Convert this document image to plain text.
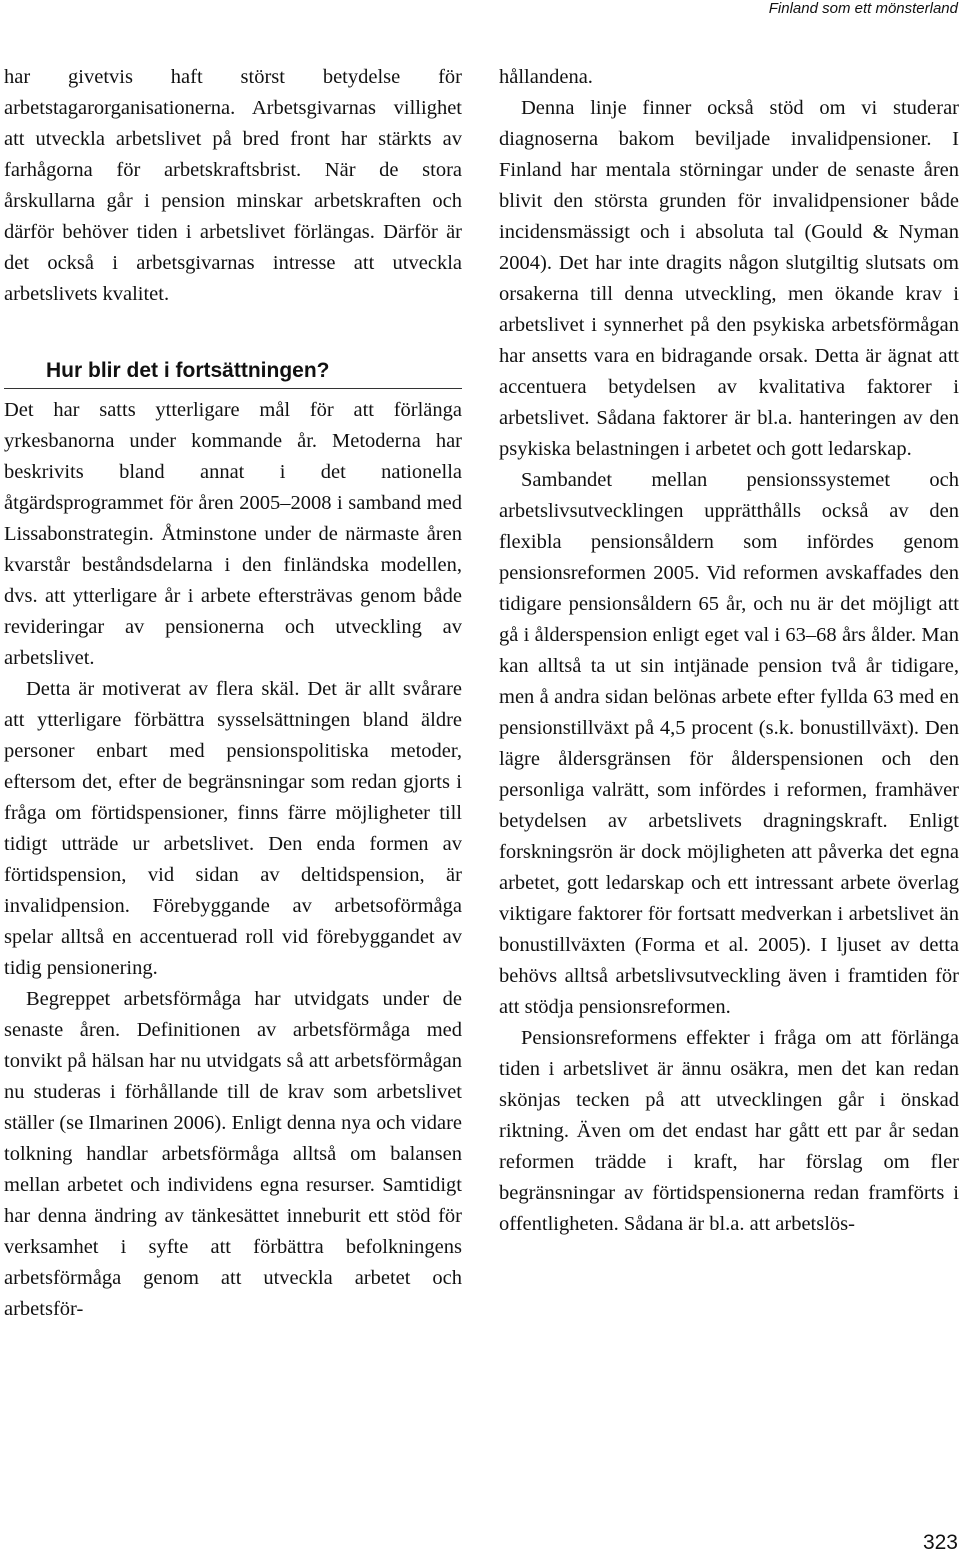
Finland som ett mönsterland

har givetvis haft störst betydelse för arbetstagarorganisationerna. Arbetsgivarnas villighet att utveckla arbetslivet på bred front har stärkts av farhågorna för arbetskraftsbrist. När de stora årskullarna går i pension minskar arbetskraften och därför behöver tiden i arbetslivet förlängas. Därför är det också i arbetsgivarnas intresse att utveckla arbetslivets kvalitet.

Hur blir det i fortsättningen?

Det har satts ytterligare mål för att förlänga yrkesbanorna under kommande år. Metoderna har beskrivits bland annat i det nationella åtgärdsprogrammet för åren 2005–2008 i samband med Lissabonstrategin. Åtminstone under de närmaste åren kvarstår beståndsdelarna i den finländska modellen, dvs. att ytterligare år i arbete eftersträvas genom både revideringar av pensionerna och utveckling av arbetslivet.

Detta är motiverat av flera skäl. Det är allt svårare att ytterligare förbättra sysselsättningen bland äldre personer enbart med pensionspolitiska metoder, eftersom det, efter de begränsningar som redan gjorts i fråga om förtidspensioner, finns färre möjligheter till tidigt utträde ur arbetslivet. Den enda formen av förtidspension, vid sidan av deltidspension, är invalidpension. Förebyggande av arbetsoförmåga spelar alltså en accentuerad roll vid förebyggandet av tidig pensionering.

Begreppet arbetsförmåga har utvidgats under de senaste åren. Definitionen av arbetsförmåga med tonvikt på hälsan har nu utvidgats så att arbetsförmågan nu studeras i förhållande till de krav som arbetslivet ställer (se Ilmarinen 2006). Enligt denna nya och vidare tolkning handlar arbetsförmåga alltså om balansen mellan arbetet och individens egna resurser. Samtidigt har denna ändring av tänkesättet inneburit ett stöd för verksamhet i syfte att förbättra befolkningens arbetsförmåga genom att utveckla arbetet och arbetsför-

hållandena.

Denna linje finner också stöd om vi studerar diagnoserna bakom beviljade invalidpensioner. I Finland har mentala störningar under de senaste åren blivit den största grunden för invalidpensioner både incidensmässigt och i absoluta tal (Gould & Nyman 2004). Det har inte dragits någon slutgiltig slutsats om orsakerna till denna utveckling, men ökande krav i arbetslivet i synnerhet på den psykiska arbetsförmågan har ansetts vara en bidragande orsak. Detta är ägnat att accentuera betydelsen av kvalitativa faktorer i arbetslivet. Sådana faktorer är bl.a. hanteringen av den psykiska belastningen i arbetet och gott ledarskap.

Sambandet mellan pensionssystemet och arbetslivsutvecklingen upprätthålls också av den flexibla pensionsåldern som infördes genom pensionsreformen 2005. Vid reformen avskaffades den tidigare pensionsåldern 65 år, och nu är det möjligt att gå i ålderspension enligt eget val i 63–68 års ålder. Man kan alltså ta ut sin intjänade pension två år tidigare, men å andra sidan belönas arbete efter fyllda 63 med en pensionstillväxt på 4,5 procent (s.k. bonustillväxt). Den lägre åldersgränsen för ålderspensionen och den personliga valrätt, som infördes i reformen, framhäver betydelsen av arbetslivets dragningskraft. Enligt forskningsrön är dock möjligheten att påverka det egna arbetet, gott ledarskap och ett intressant arbete överlag viktigare faktorer för fortsatt medverkan i arbetslivet än bonustillväxten (Forma et al. 2005). I ljuset av detta behövs alltså arbetslivsutveckling även i framtiden för att stödja pensionsreformen.

Pensionsreformens effekter i fråga om att förlänga tiden i arbetslivet är ännu osäkra, men det kan redan skönjas tecken på att utvecklingen går i önskad riktning. Även om det endast har gått ett par år sedan reformen trädde i kraft, har förslag om fler begränsningar av förtidspensionerna redan framförts i offentligheten. Sådana är bl.a. att arbetslös-

323
